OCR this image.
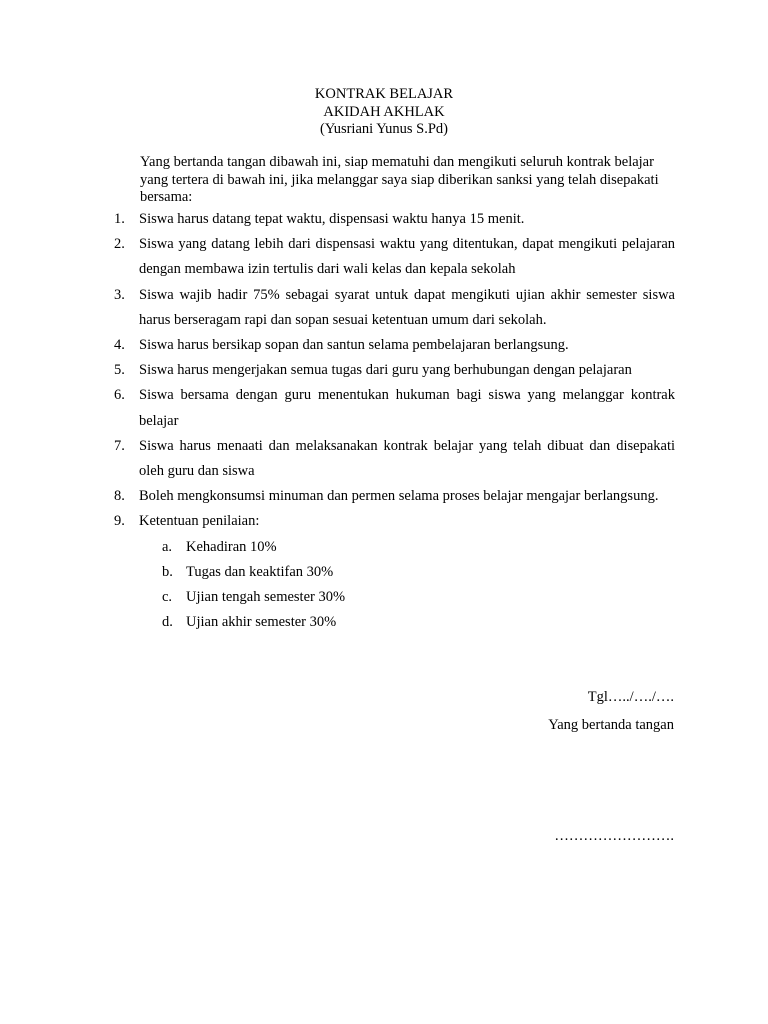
KONTRAK BELAJAR
AKIDAH AKHLAK
(Yusriani Yunus S.Pd)
Yang bertanda tangan dibawah ini, siap mematuhi dan mengikuti seluruh kontrak belajar yang tertera di bawah ini, jika melanggar saya siap diberikan sanksi yang telah disepakati bersama:
1. Siswa harus datang tepat waktu, dispensasi waktu hanya 15 menit.
2. Siswa yang datang lebih dari dispensasi waktu yang ditentukan, dapat mengikuti pelajaran dengan membawa izin tertulis dari wali kelas dan kepala sekolah
3. Siswa wajib hadir 75% sebagai syarat untuk dapat mengikuti ujian akhir semester siswa harus berseragam rapi dan sopan sesuai ketentuan umum dari sekolah.
4. Siswa harus bersikap sopan dan santun selama pembelajaran berlangsung.
5. Siswa harus mengerjakan semua tugas dari guru yang berhubungan dengan pelajaran
6. Siswa bersama dengan guru menentukan hukuman bagi siswa yang melanggar kontrak belajar
7. Siswa harus menaati dan melaksanakan kontrak belajar yang telah dibuat dan disepakati oleh guru dan siswa
8. Boleh mengkonsumsi minuman dan permen selama proses belajar mengajar berlangsung.
9. Ketentuan penilaian:
a. Kehadiran 10%
b. Tugas dan keaktifan 30%
c. Ujian tengah semester 30%
d. Ujian akhir semester 30%
Tgl…../…./….
Yang bertanda tangan
…………………….
